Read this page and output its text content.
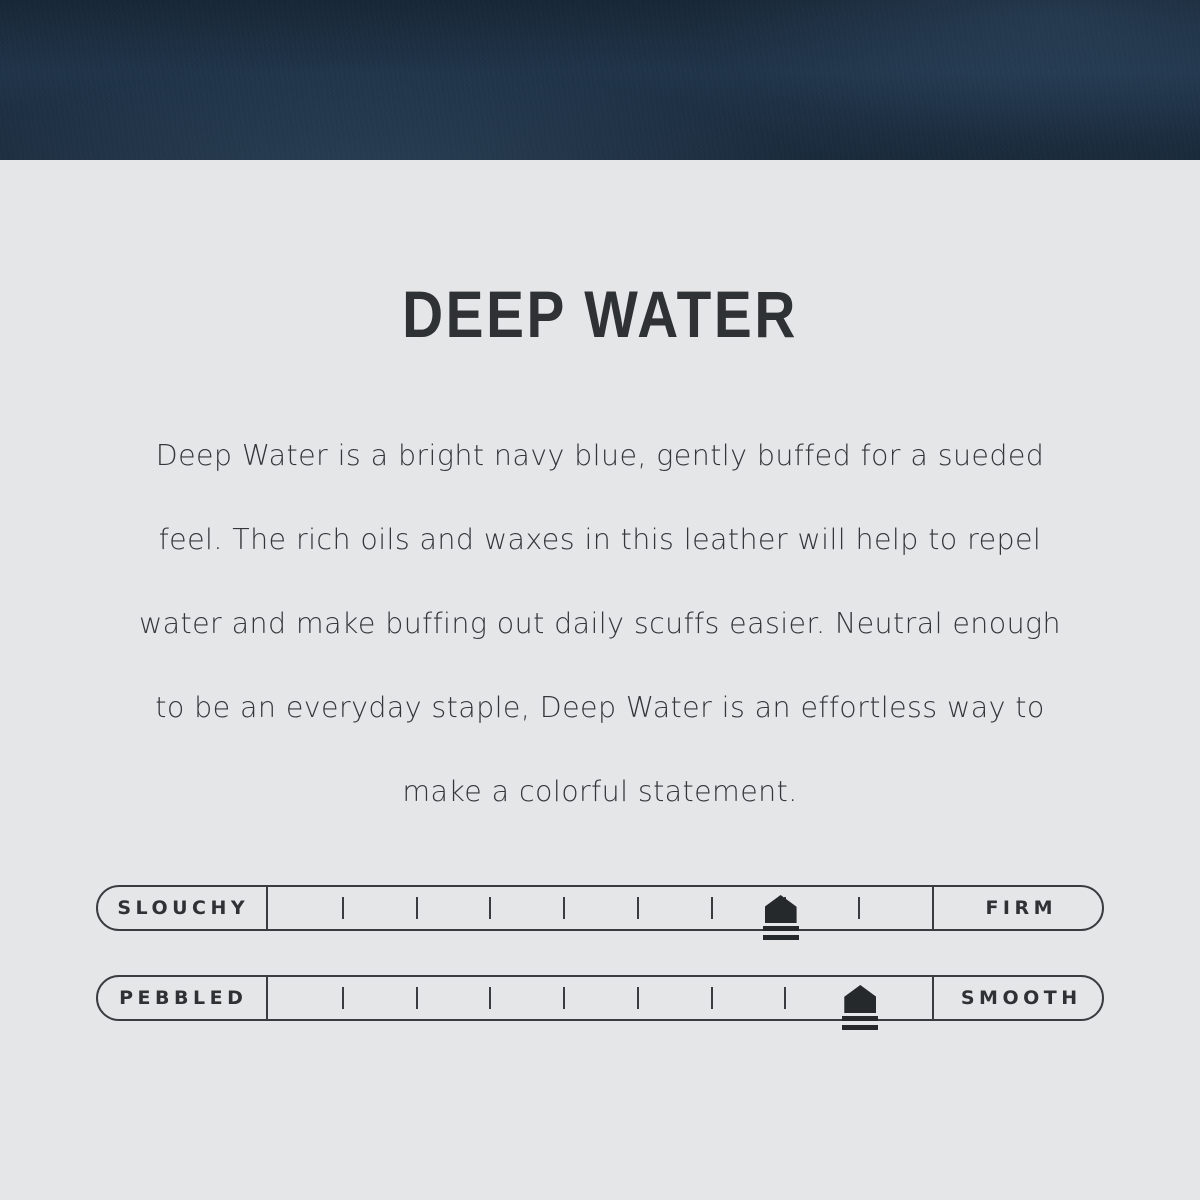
DEEP WATER

Deep Water is a bright navy blue, gently buffed for a sueded feel. The rich oils and waxes in this leather will help to repel water and make buffing out daily scuffs easier. Neutral enough to be an everyday staple, Deep Water is an effortless way to make a colorful statement.

SLOUCHY	FIRM
PEBBLED	SMOOTH
